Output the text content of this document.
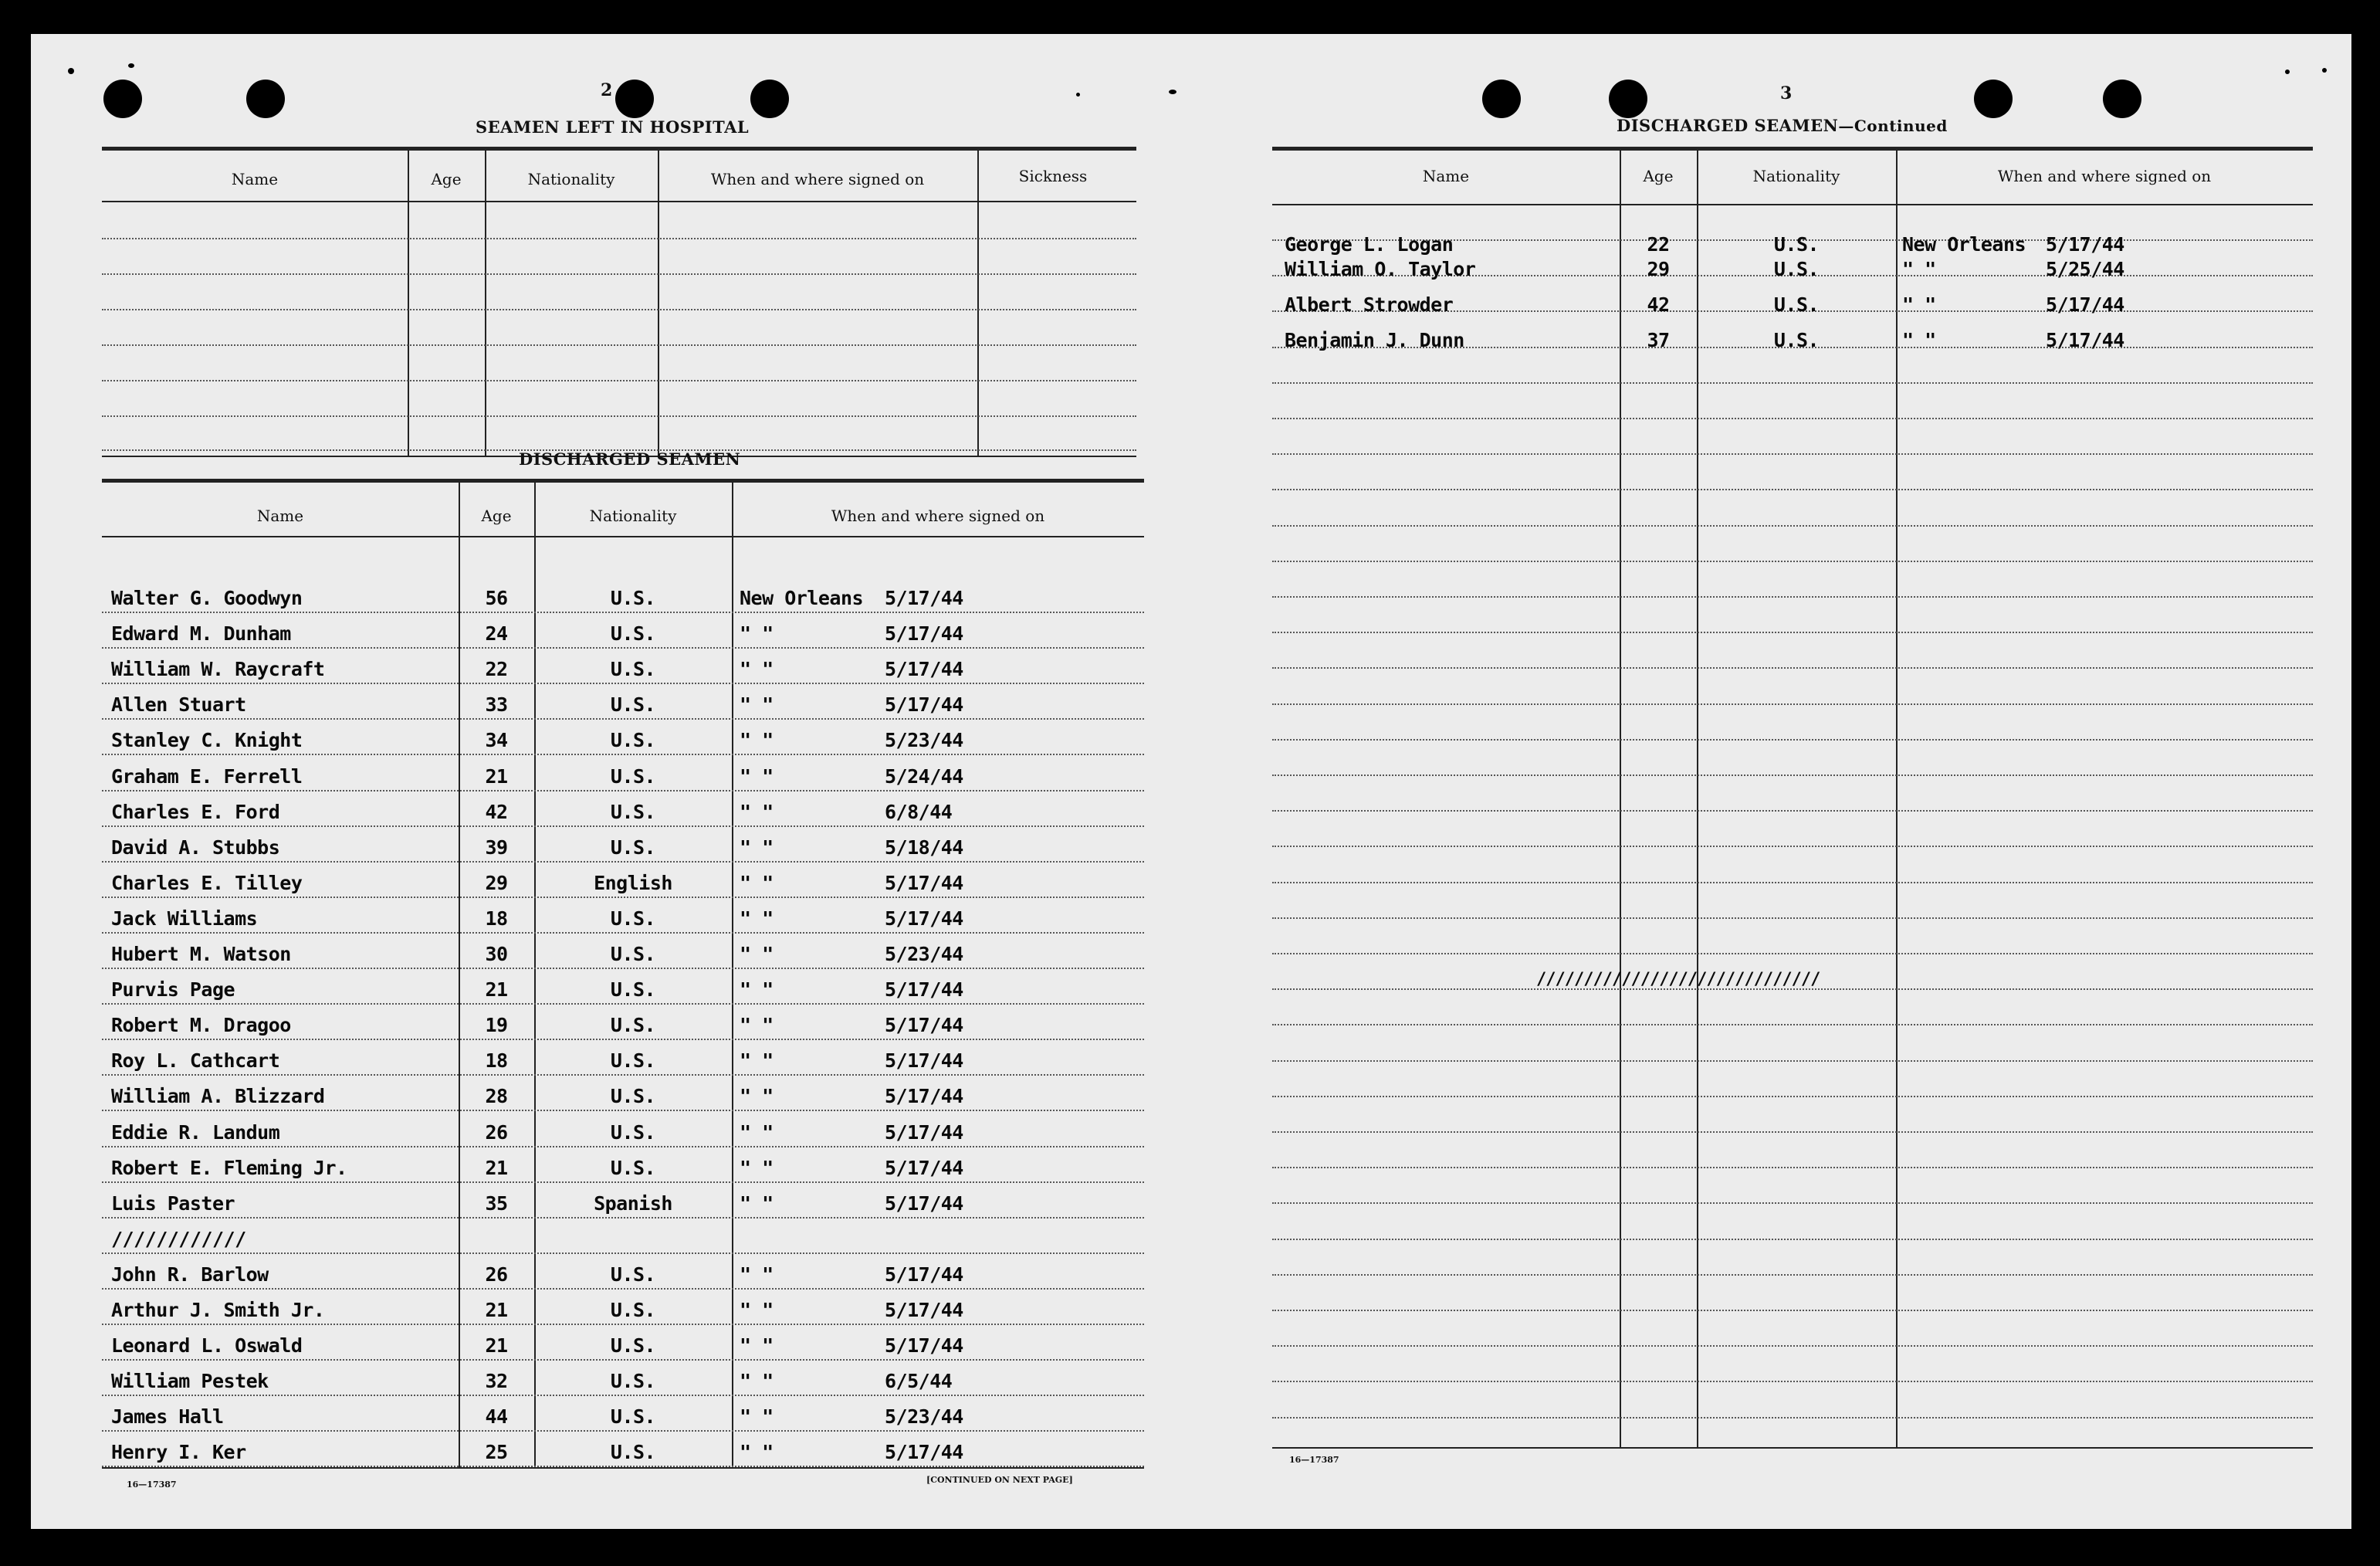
2
SEAMEN LEFT IN HOSPITAL
Name	Age	Nationality	When and where signed on	Sickness
DISCHARGED SEAMEN
Name	Age	Nationality	When and where signed on
Walter G. Goodwyn	56	U.S.	New Orleans 5/17/44
Edward M. Dunham	24	U.S.	" "	5/17/44
William W. Raycraft	22	U.S.	" "	5/17/44
Allen Stuart	33	U.S.	" "	5/17/44
Stanley C. Knight	34	U.S.	" "	5/23/44
Graham E. Ferrell	21	U.S.	" "	5/24/44
Charles E. Ford	42	U.S.	" "	6/8/44
David A. Stubbs	39	U.S.	" "	5/18/44
Charles E. Tilley	29	English	" "	5/17/44
Jack Williams	18	U.S.	" "	5/17/44
Hubert M. Watson	30	U.S.	" "	5/23/44
Purvis Page	21	U.S.	" "	5/17/44
Robert M. Dragoo	19	U.S.	" "	5/17/44
Roy L. Cathcart	18	U.S.	" "	5/17/44
William A. Blizzard	28	U.S.	" "	5/17/44
Eddie R. Landum	26	U.S.	" "	5/17/44
Robert E. Fleming Jr.	21	U.S.	" "	5/17/44
Luis Paster	35	Spanish	" "	5/17/44
////////////
John R. Barlow	26	U.S.	" "	5/17/44
Arthur J. Smith Jr.	21	U.S.	" "	5/17/44
Leonard L. Oswald	21	U.S.	" "	5/17/44
William Pestek	32	U.S.	" "	6/5/44
James Hall	44	U.S.	" "	5/23/44
Henry I. Ker	25	U.S.	" "	5/17/44
16—17387	[CONTINUED ON NEXT PAGE]
3
DISCHARGED SEAMEN—Continued
Name	Age	Nationality	When and where signed on
George L. Logan	22	U.S.	New Orleans 5/17/44
William O. Taylor	29	U.S.	" "	5/25/44
Albert Strowder	42	U.S.	" "	5/17/44
Benjamin J. Dunn	37	U.S.	" "	5/17/44
//////////////////////////////
16—17387
